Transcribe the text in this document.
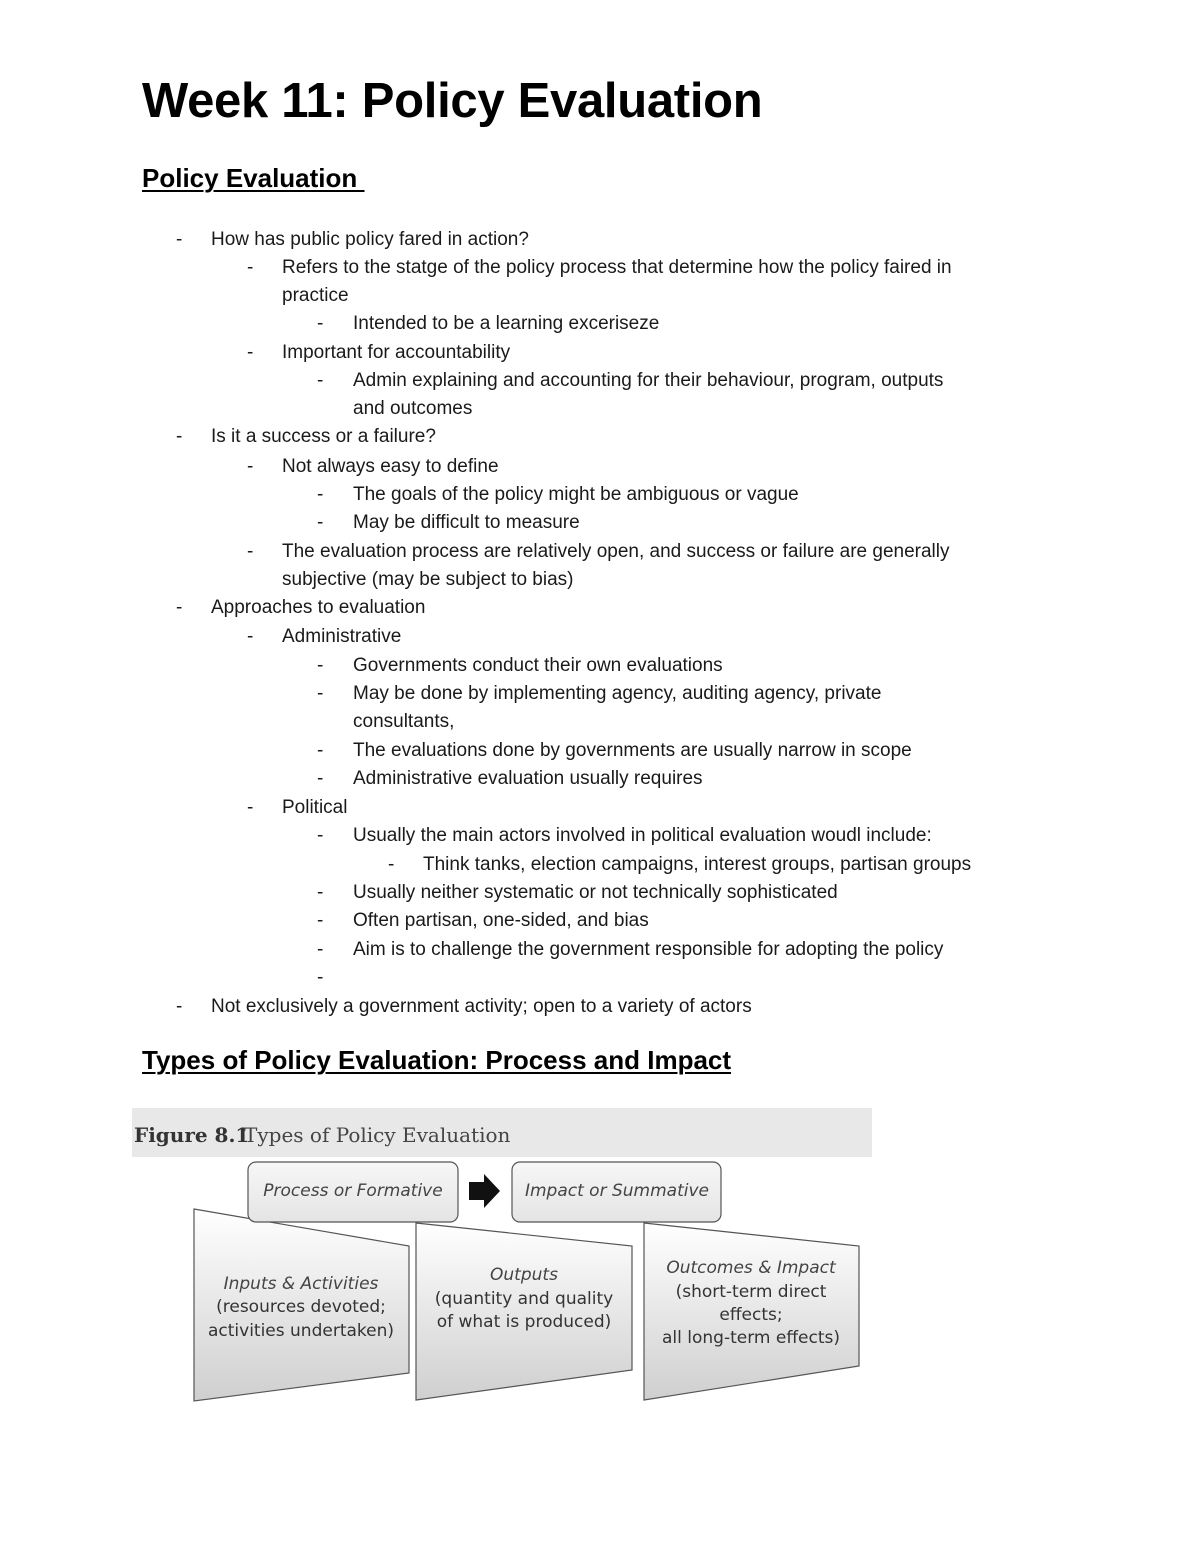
Week 11: Policy Evaluation
Policy Evaluation
- How has public policy fared in action?
- Refers to the statge of the policy process that determine how the policy faired in
practice
- Intended to be a learning exceriseze
- Important for accountability
- Admin explaining and accounting for their behaviour, program, outputs
and outcomes
- Is it a success or a failure?
- Not always easy to define
- The goals of the policy might be ambiguous or vague
- May be difficult to measure
- The evaluation process are relatively open, and success or failure are generally
subjective (may be subject to bias)
- Approaches to evaluation
- Administrative
- Governments conduct their own evaluations
- May be done by implementing agency, auditing agency, private
consultants,
- The evaluations done by governments are usually narrow in scope
- Administrative evaluation usually requires
- Political
- Usually the main actors involved in political evaluation woudl include:
- Think tanks, election campaigns, interest groups, partisan groups
- Usually neither systematic or not technically sophisticated
- Often partisan, one-sided, and bias
- Aim is to challenge the government responsible for adopting the policy
-
- Not exclusively a government activity; open to a variety of actors
Types of Policy Evaluation: Process and Impact
Figure 8.1
Types of Policy Evaluation
Process or Formative	Impact or Summative
Inputs & Activities
(resources devoted;
activities undertaken)
Outputs
(quantity and quality
of what is produced)
Outcomes & Impact
(short-term direct
effects;
all long-term effects)
